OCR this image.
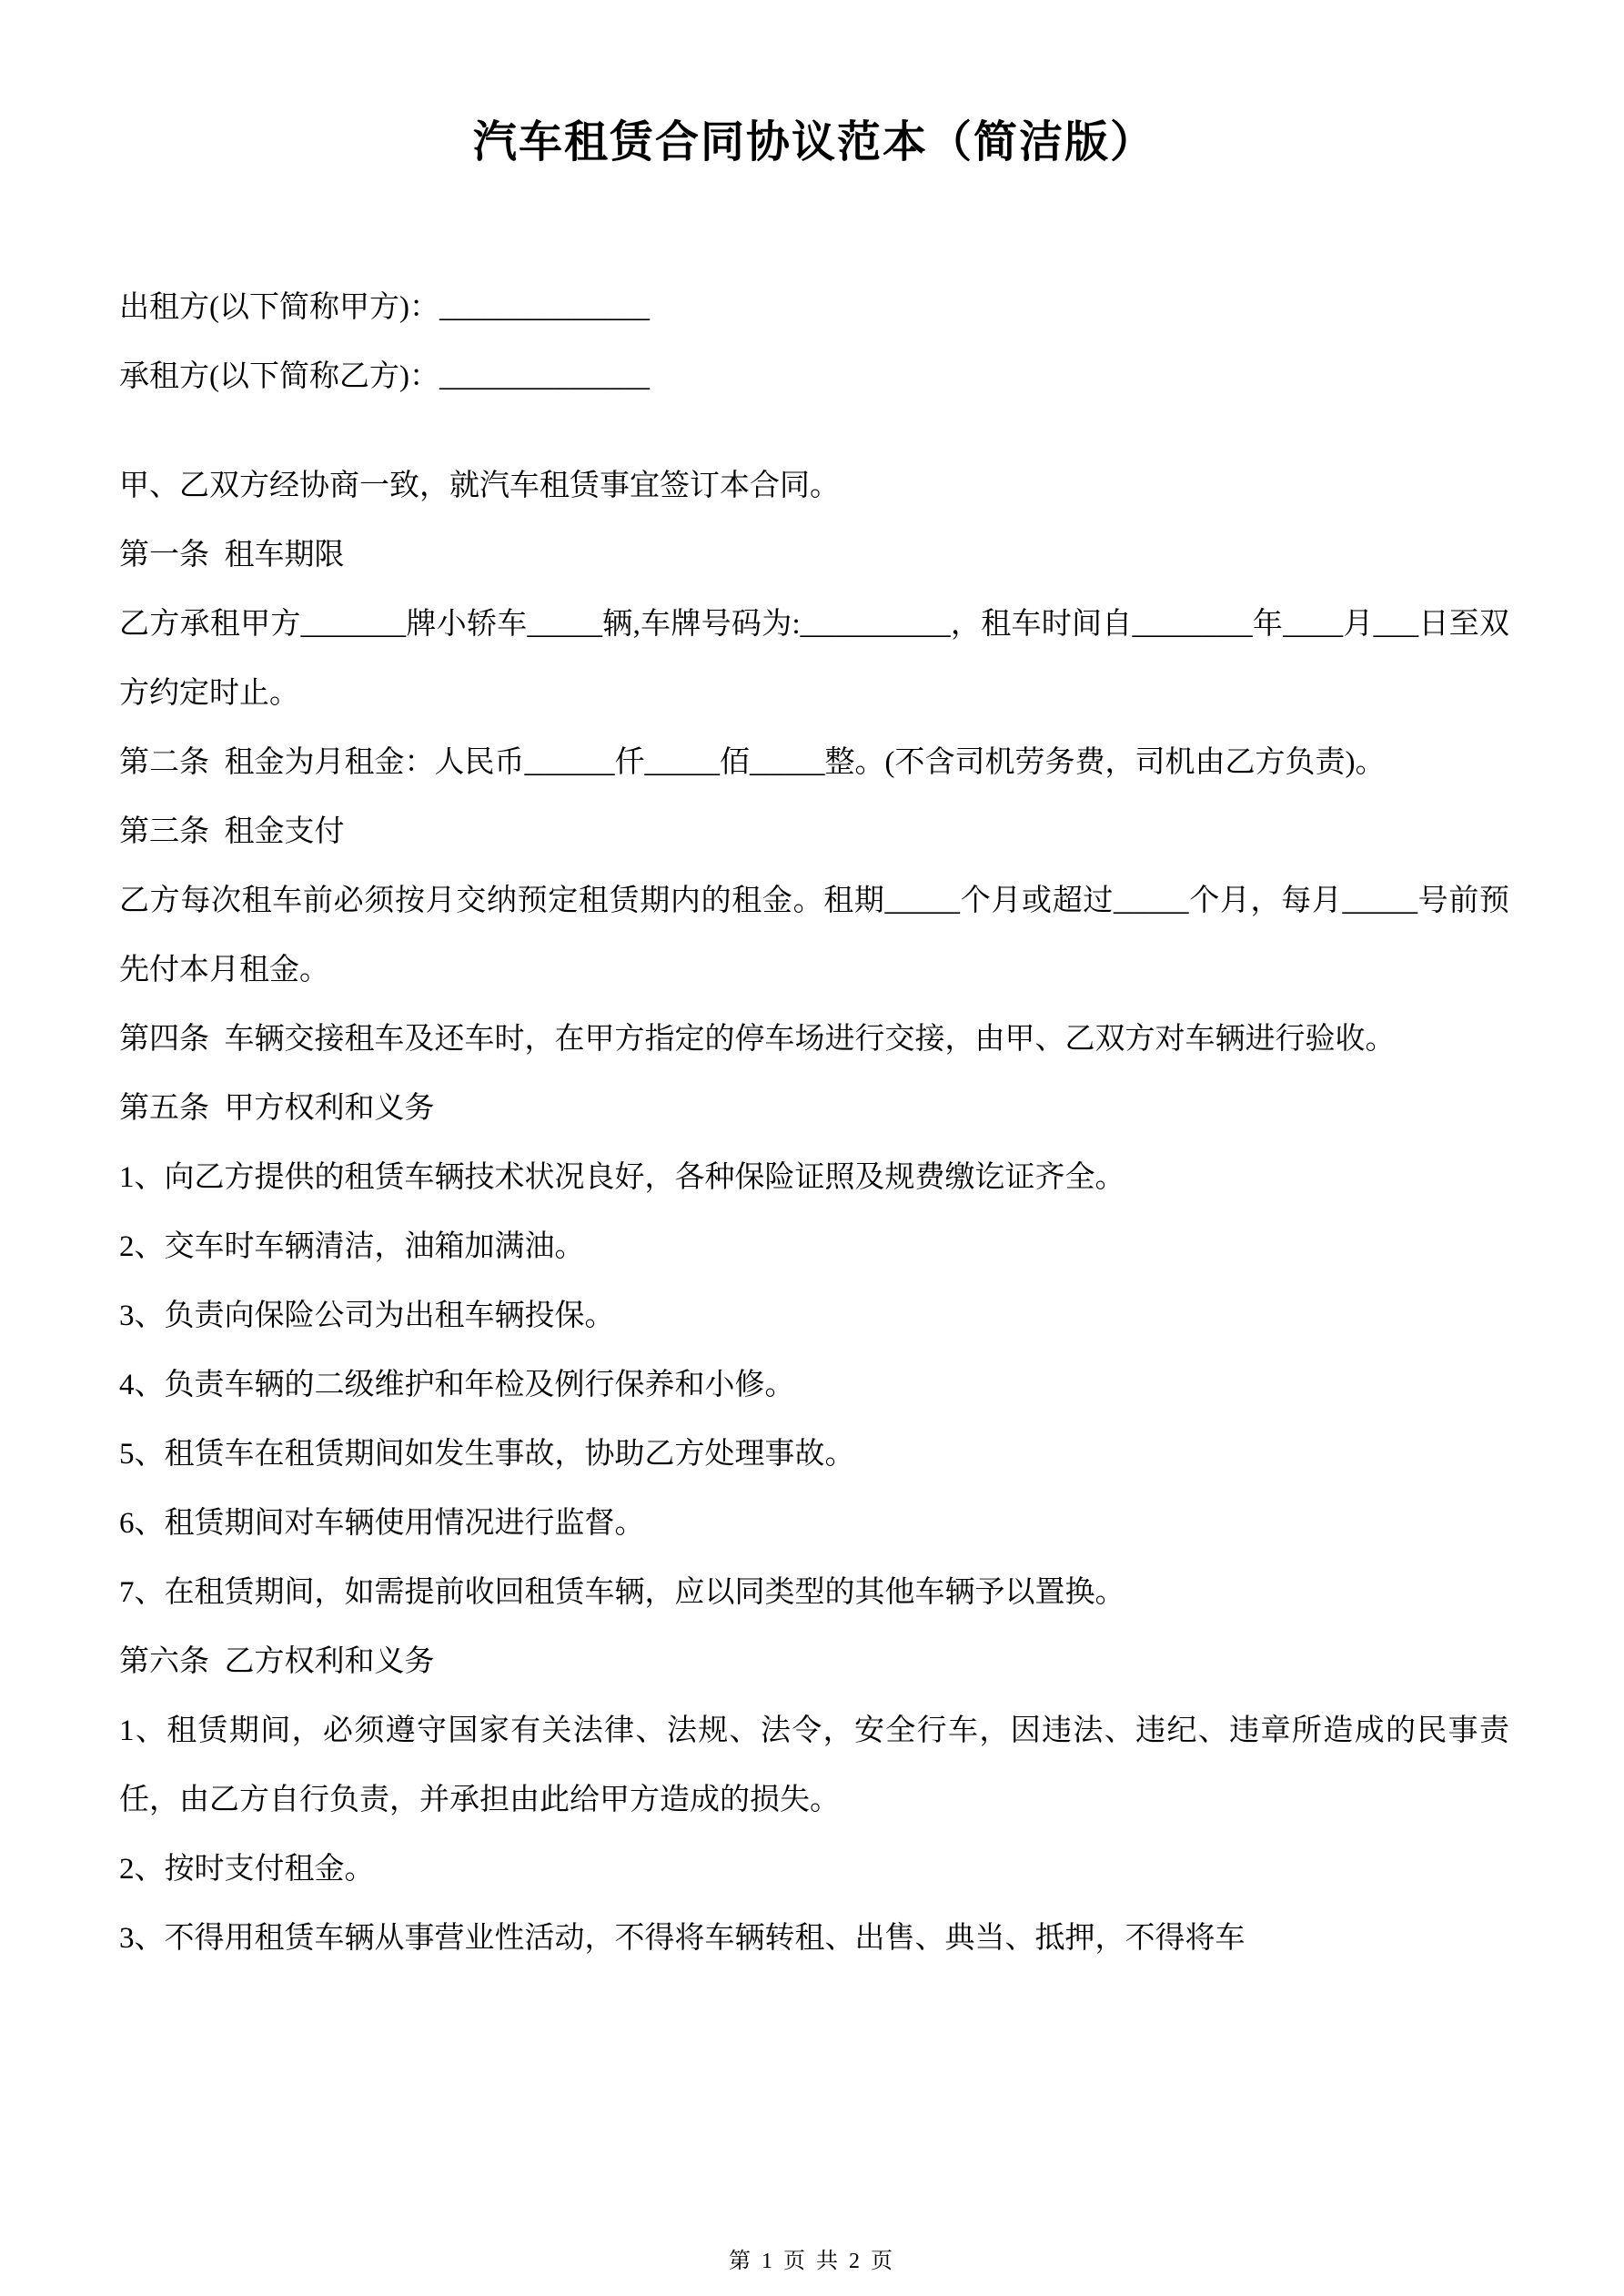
汽车租赁合同协议范本（简洁版）
出租方(以下简称甲方)：______________
承租方(以下简称乙方)：______________

甲、乙双方经协商一致，就汽车租赁事宜签订本合同。

第一条  租车期限

乙方承租甲方_______牌小轿车_____辆,车牌号码为:__________，租车时间自________年____月___日至双方约定时止。

第二条  租金为月租金：人民币______仟_____佰_____整。(不含司机劳务费，司机由乙方负责)。

第三条  租金支付

乙方每次租车前必须按月交纳预定租赁期内的租金。租期_____个月或超过_____个月，每月_____号前预先付本月租金。

第四条  车辆交接租车及还车时，在甲方指定的停车场进行交接，由甲、乙双方对车辆进行验收。

第五条  甲方权利和义务

1、向乙方提供的租赁车辆技术状况良好，各种保险证照及规费缴讫证齐全。

2、交车时车辆清洁，油箱加满油。

3、负责向保险公司为出租车辆投保。

4、负责车辆的二级维护和年检及例行保养和小修。

5、租赁车在租赁期间如发生事故，协助乙方处理事故。

6、租赁期间对车辆使用情况进行监督。

7、在租赁期间，如需提前收回租赁车辆，应以同类型的其他车辆予以置换。

第六条  乙方权利和义务

1、租赁期间，必须遵守国家有关法律、法规、法令，安全行车，因违法、违纪、违章所造成的民事责任，由乙方自行负责，并承担由此给甲方造成的损失。

2、按时支付租金。

3、不得用租赁车辆从事营业性活动，不得将车辆转租、出售、典当、抵押，不得将车

第 1 页 共 2 页
